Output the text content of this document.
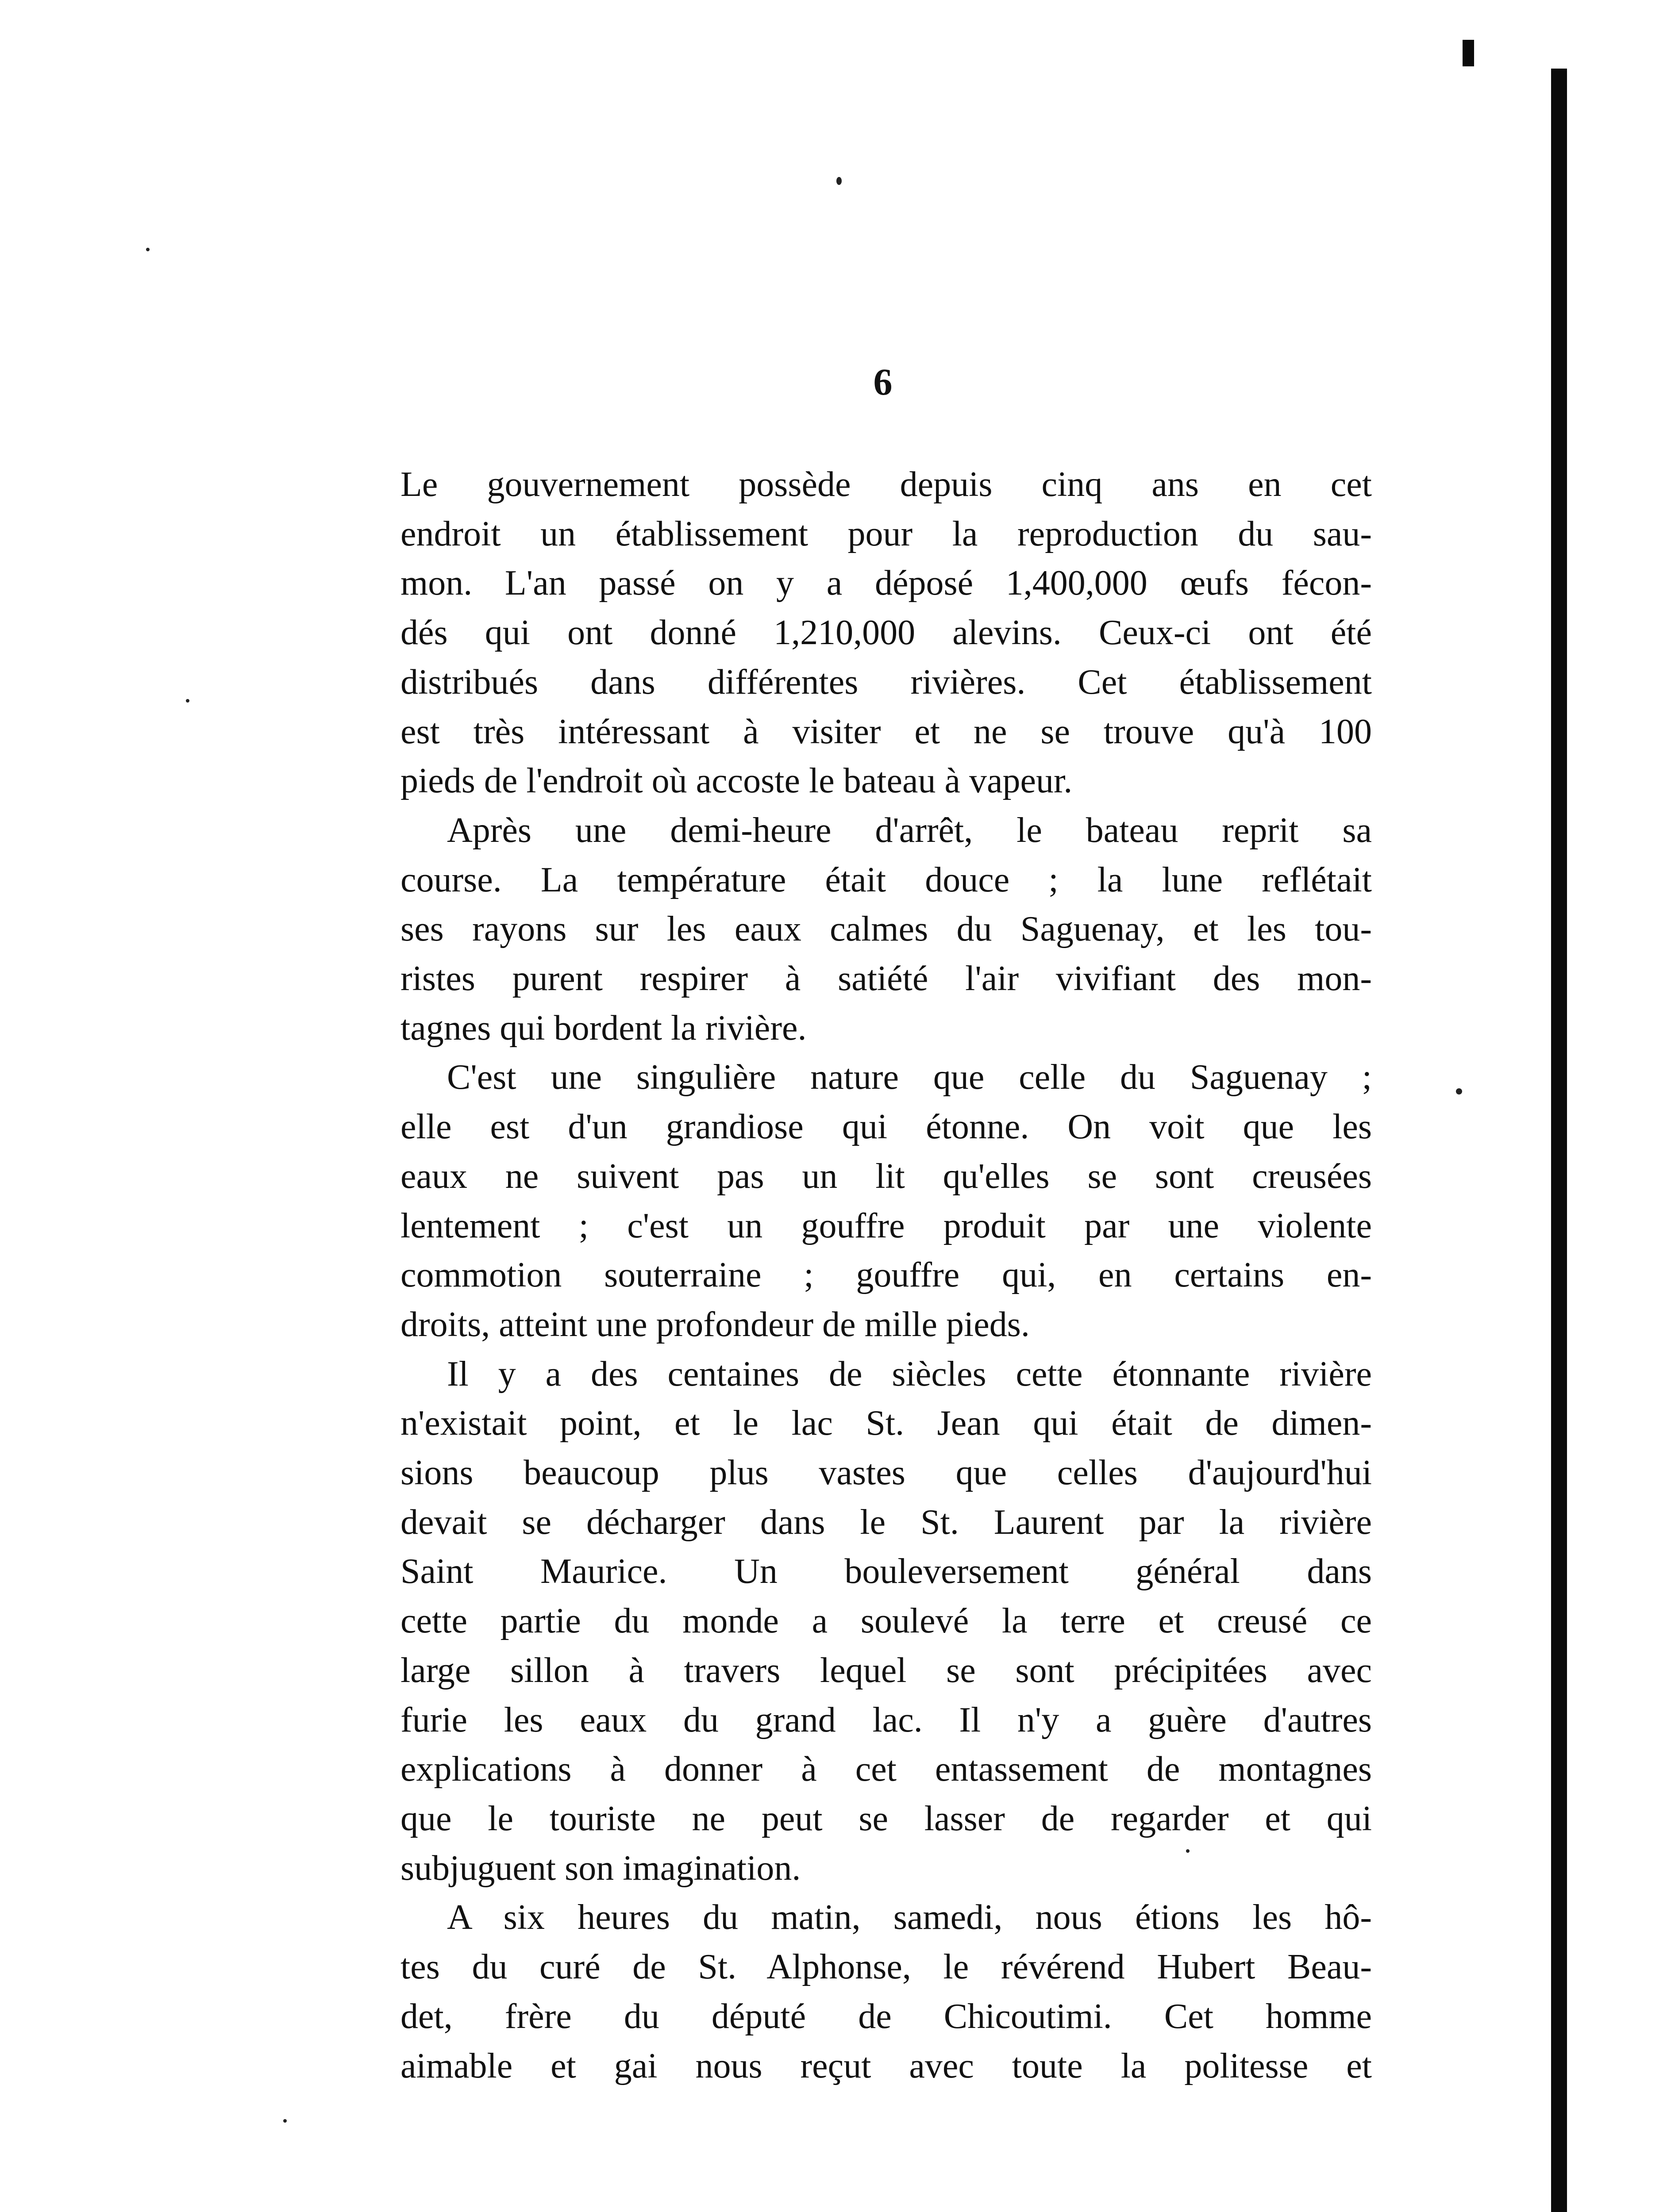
6

Le gouvernement possède depuis cinq ans en cet
endroit un établissement pour la reproduction du sau-
mon. L'an passé on y a déposé 1,400,000 œufs fécon-
dés qui ont donné 1,210,000 alevins. Ceux-ci ont été
distribués dans différentes rivières. Cet établissement
est très intéressant à visiter et ne se trouve qu'à 100
pieds de l'endroit où accoste le bateau à vapeur.

Après une demi-heure d'arrêt, le bateau reprit sa
course. La température était douce ; la lune reflétait
ses rayons sur les eaux calmes du Saguenay, et les tou-
ristes purent respirer à satiété l'air vivifiant des mon-
tagnes qui bordent la rivière.

C'est une singulière nature que celle du Saguenay ;
elle est d'un grandiose qui étonne. On voit que les
eaux ne suivent pas un lit qu'elles se sont creusées
lentement ; c'est un gouffre produit par une violente
commotion souterraine ; gouffre qui, en certains en-
droits, atteint une profondeur de mille pieds.

Il y a des centaines de siècles cette étonnante rivière
n'existait point, et le lac St. Jean qui était de dimen-
sions beaucoup plus vastes que celles d'aujourd'hui
devait se décharger dans le St. Laurent par la rivière
Saint Maurice. Un bouleversement général dans
cette partie du monde a soulevé la terre et creusé ce
large sillon à travers lequel se sont précipitées avec
furie les eaux du grand lac. Il n'y a guère d'autres
explications à donner à cet entassement de montagnes
que le touriste ne peut se lasser de regarder et qui
subjuguent son imagination.

A six heures du matin, samedi, nous étions les hô-
tes du curé de St. Alphonse, le révérend Hubert Beau-
det, frère du député de Chicoutimi. Cet homme
aimable et gai nous reçut avec toute la politesse et
